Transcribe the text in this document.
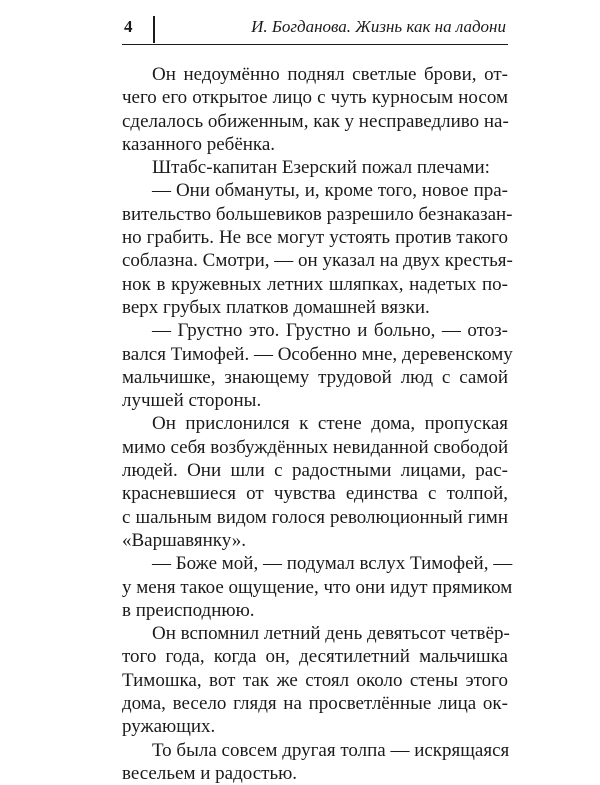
4	И. Богданова. Жизнь как на ладони

Он недоумённо поднял светлые брови, от-
чего его открытое лицо с чуть курносым носом
сделалось обиженным, как у несправедливо на-
казанного ребёнка.

Штабс-капитан Езерский пожал плечами:

— Они обмануты, и, кроме того, новое пра-
вительство большевиков разрешило безнаказан-
но грабить. Не все могут устоять против такого
соблазна. Смотри, — он указал на двух крестья-
нок в кружевных летних шляпках, надетых по-
верх грубых платков домашней вязки.

— Грустно это. Грустно и больно, — отоз-
вался Тимофей. — Особенно мне, деревенскому
мальчишке, знающему трудовой люд с самой
лучшей стороны.

Он прислонился к стене дома, пропуская
мимо себя возбуждённых невиданной свободой
людей. Они шли с радостными лицами, рас-
красневшиеся от чувства единства с толпой,
с шальным видом голося революционный гимн
«Варшавянку».

— Боже мой, — подумал вслух Тимофей, —
у меня такое ощущение, что они идут прямиком
в преисподнюю.

Он вспомнил летний день девятьсот четвёр-
того года, когда он, десятилетний мальчишка
Тимошка, вот так же стоял около стены этого
дома, весело глядя на просветлённые лица ок-
ружающих.

То была совсем другая толпа — искрящаяся
весельем и радостью.
